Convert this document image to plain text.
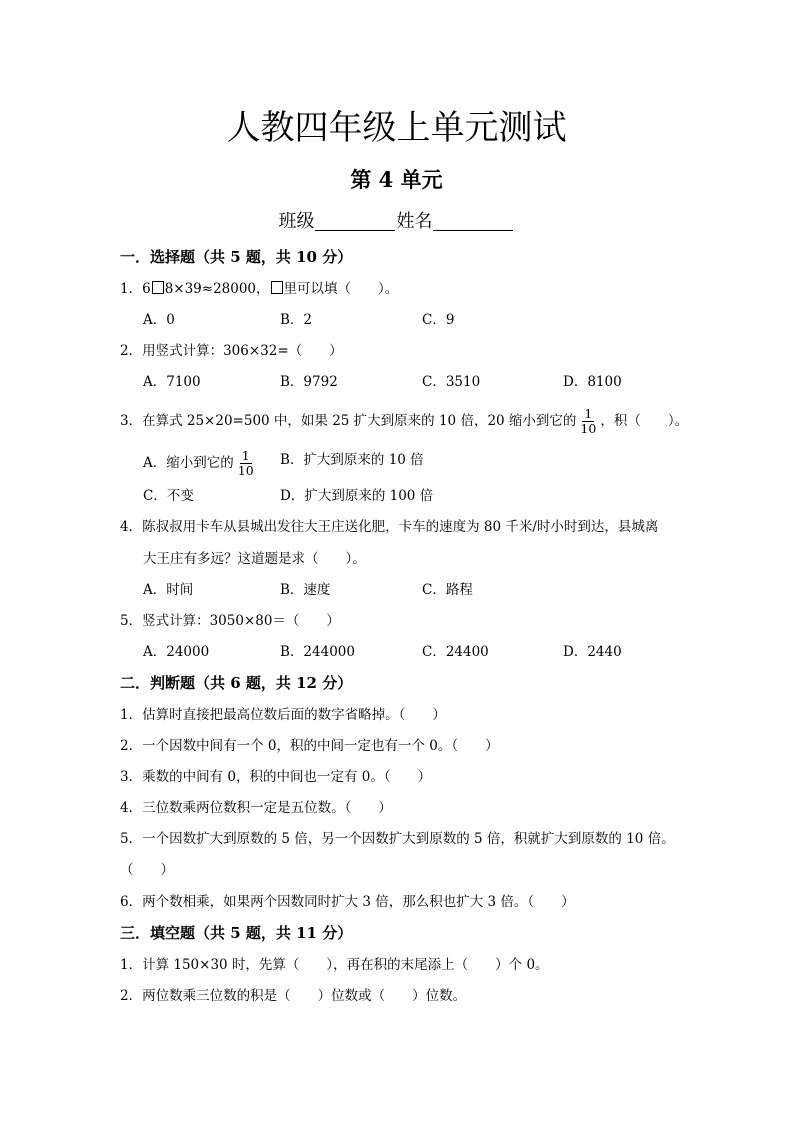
人教四年级上单元测试
第 4 单元
班级	姓名
一．选择题（共 5 题，共 10 分）
1．6 8×39≈28000， 里可以填（　　）。
A．0	B．2	C．9
2．用竖式计算：306×32=（　　）
A．7100	B．9792	C．3510	D．8100
3．在算式 25×20=500 中，如果 25 扩大到原来的 10 倍，20 缩小到它的 $\frac{1}{10}$ ，积（　　）。
A．缩小到它的 $\frac{1}{10}$ B．扩大到原来的 10 倍
C．不变	D．扩大到原来的 100 倍
4．陈叔叔用卡车从县城出发往大王庄送化肥，卡车的速度为 80 千米/时小时到达，县城离
大王庄有多远？这道题是求（　　）。
A．时间	B．速度	C．路程
5．竖式计算：3050×80＝（　　）
A．24000	B．244000	C．24400	D．2440
二．判断题（共 6 题，共 12 分）
1．估算时直接把最高位数后面的数字省略掉。（　　）
2．一个因数中间有一个 0，积的中间一定也有一个 0。（　　）
3．乘数的中间有 0，积的中间也一定有 0。（　　）
4．三位数乘两位数积一定是五位数。（　　）
5．一个因数扩大到原数的 5 倍，另一个因数扩大到原数的 5 倍，积就扩大到原数的 10 倍。
（　　）
6．两个数相乘，如果两个因数同时扩大 3 倍，那么积也扩大 3 倍。（　　）
三．填空题（共 5 题，共 11 分）
1．计算 150×30 时，先算（　　），再在积的末尾添上（　　）个 0。
2．两位数乘三位数的积是（　　）位数或（　　）位数。
